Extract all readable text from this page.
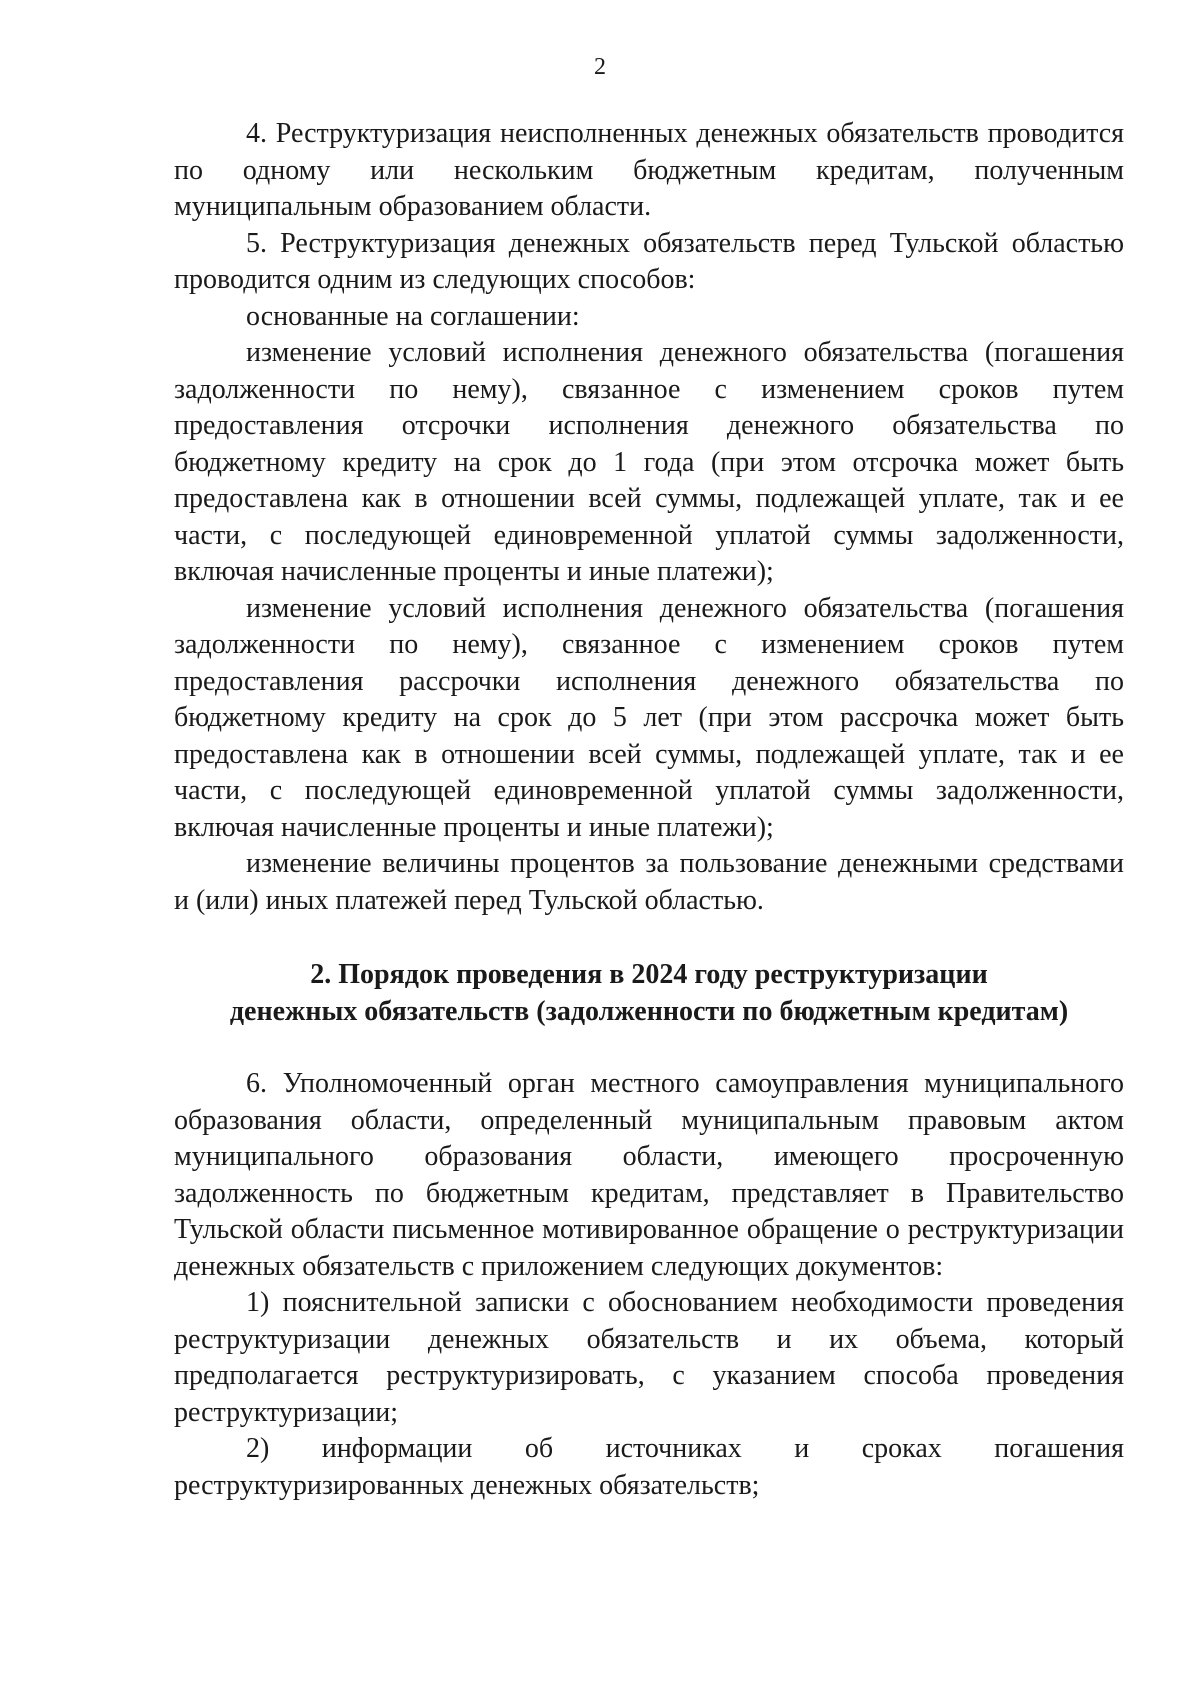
2

4. Реструктуризация неисполненных денежных обязательств проводится по одному или нескольким бюджетным кредитам, полученным муниципальным образованием области.

5. Реструктуризация денежных обязательств перед Тульской областью проводится одним из следующих способов:

основанные на соглашении:

изменение условий исполнения денежного обязательства (погашения задолженности по нему), связанное с изменением сроков путем предоставления отсрочки исполнения денежного обязательства по бюджетному кредиту на срок до 1 года (при этом отсрочка может быть предоставлена как в отношении всей суммы, подлежащей уплате, так и ее части, с последующей единовременной уплатой суммы задолженности, включая начисленные проценты и иные платежи);

изменение условий исполнения денежного обязательства (погашения задолженности по нему), связанное с изменением сроков путем предоставления рассрочки исполнения денежного обязательства по бюджетному кредиту на срок до 5 лет (при этом рассрочка может быть предоставлена как в отношении всей суммы, подлежащей уплате, так и ее части, с последующей единовременной уплатой суммы задолженности, включая начисленные проценты и иные платежи);

изменение величины процентов за пользование денежными средствами и (или) иных платежей перед Тульской областью.

2. Порядок проведения в 2024 году реструктуризации
денежных обязательств (задолженности по бюджетным кредитам)

6. Уполномоченный орган местного самоуправления муниципального образования области, определенный муниципальным правовым актом муниципального образования области, имеющего просроченную задолженность по бюджетным кредитам, представляет в Правительство Тульской области письменное мотивированное обращение о реструктуризации денежных обязательств с приложением следующих документов:

1) пояснительной записки с обоснованием необходимости проведения реструктуризации денежных обязательств и их объема, который предполагается реструктуризировать, с указанием способа проведения реструктуризации;

2) информации об источниках и сроках погашения реструктуризированных денежных обязательств;
